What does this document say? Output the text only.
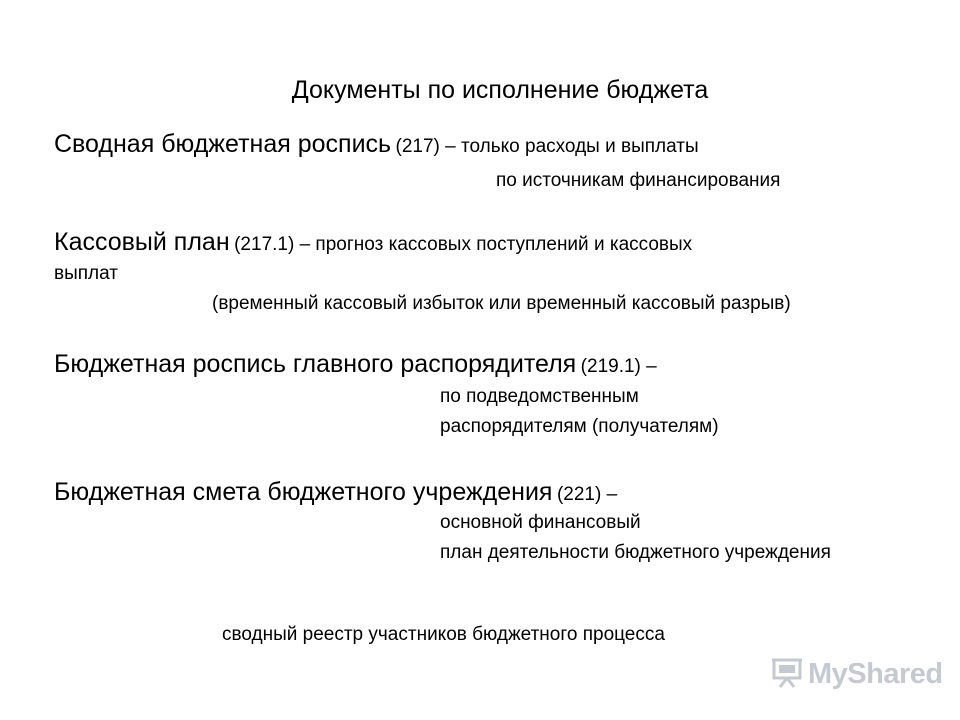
Документы по исполнение бюджета
Сводная бюджетная роспись (217) – только расходы и выплаты
по источникам финансирования
Кассовый план (217.1) – прогноз кассовых поступлений и кассовых
выплат
(временный кассовый избыток или временный кассовый разрыв)
Бюджетная роспись главного распорядителя (219.1) –
по подведомственным
распорядителям (получателям)
Бюджетная смета бюджетного учреждения (221) –
основной финансовый
план деятельности бюджетного учреждения
сводный реестр участников бюджетного процесса
MyShared
